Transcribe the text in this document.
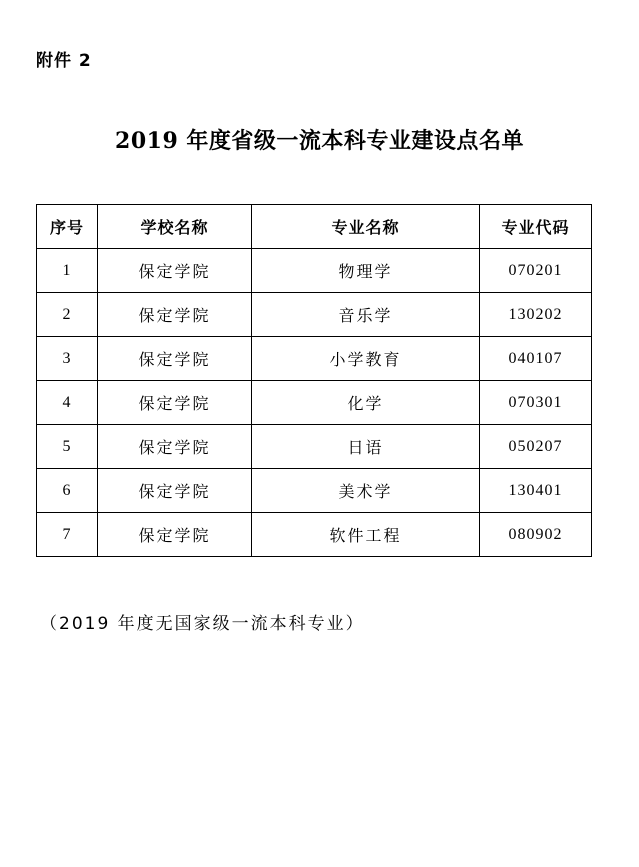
附件 2
2019 年度省级一流本科专业建设点名单
序号	学校名称	专业名称	专业代码
1	保定学院	物理学	070201
2	保定学院	音乐学	130202
3	保定学院	小学教育	040107
4	保定学院	化学	070301
5	保定学院	日语	050207
6	保定学院	美术学	130401
7	保定学院	软件工程	080902
（2019 年度无国家级一流本科专业）
